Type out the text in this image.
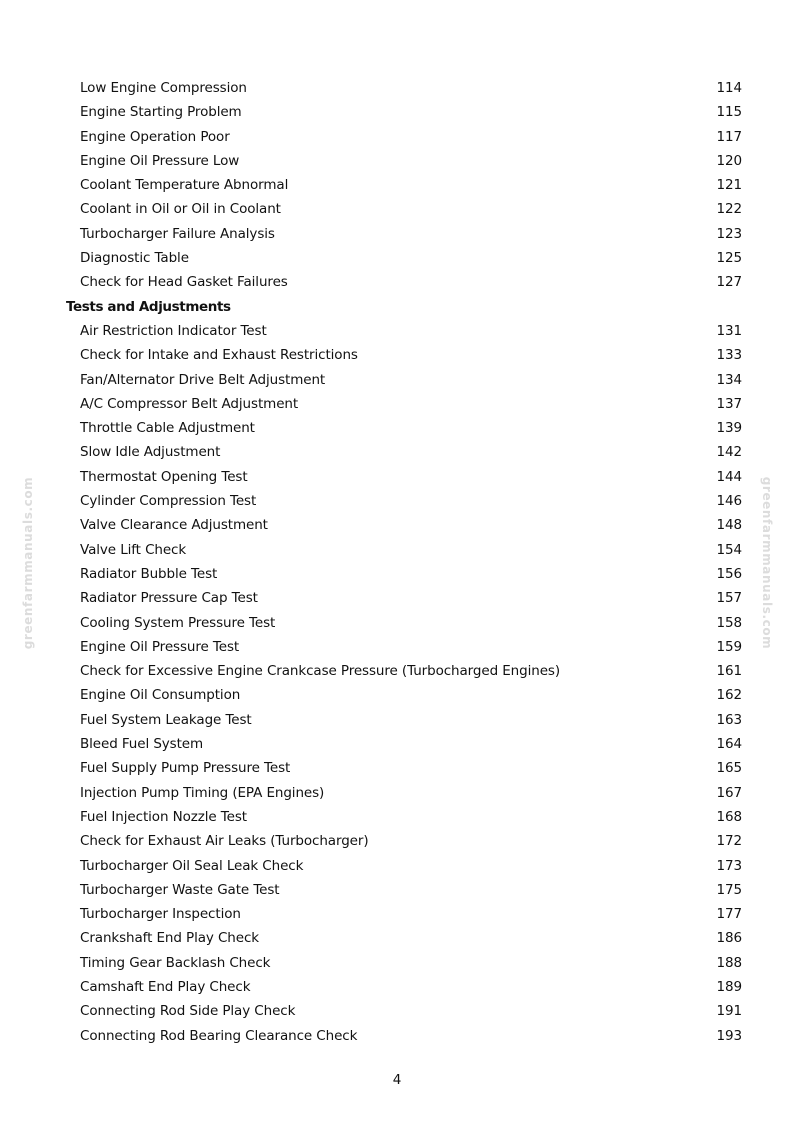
greenfarmmanuals.com	greenfarmmanuals.com
Low Engine Compression	114
Engine Starting Problem	115
Engine Operation Poor	117
Engine Oil Pressure Low	120
Coolant Temperature Abnormal	121
Coolant in Oil or Oil in Coolant	122
Turbocharger Failure Analysis	123
Diagnostic Table	125
Check for Head Gasket Failures	127
Tests and Adjustments
Air Restriction Indicator Test	131
Check for Intake and Exhaust Restrictions	133
Fan/Alternator Drive Belt Adjustment	134
A/C Compressor Belt Adjustment	137
Throttle Cable Adjustment	139
Slow Idle Adjustment	142
Thermostat Opening Test	144
Cylinder Compression Test	146
Valve Clearance Adjustment	148
Valve Lift Check	154
Radiator Bubble Test	156
Radiator Pressure Cap Test	157
Cooling System Pressure Test	158
Engine Oil Pressure Test	159
Check for Excessive Engine Crankcase Pressure (Turbocharged Engines)	161
Engine Oil Consumption	162
Fuel System Leakage Test	163
Bleed Fuel System	164
Fuel Supply Pump Pressure Test	165
Injection Pump Timing (EPA Engines)	167
Fuel Injection Nozzle Test	168
Check for Exhaust Air Leaks (Turbocharger)	172
Turbocharger Oil Seal Leak Check	173
Turbocharger Waste Gate Test	175
Turbocharger Inspection	177
Crankshaft End Play Check	186
Timing Gear Backlash Check	188
Camshaft End Play Check	189
Connecting Rod Side Play Check	191
Connecting Rod Bearing Clearance Check	193
4
